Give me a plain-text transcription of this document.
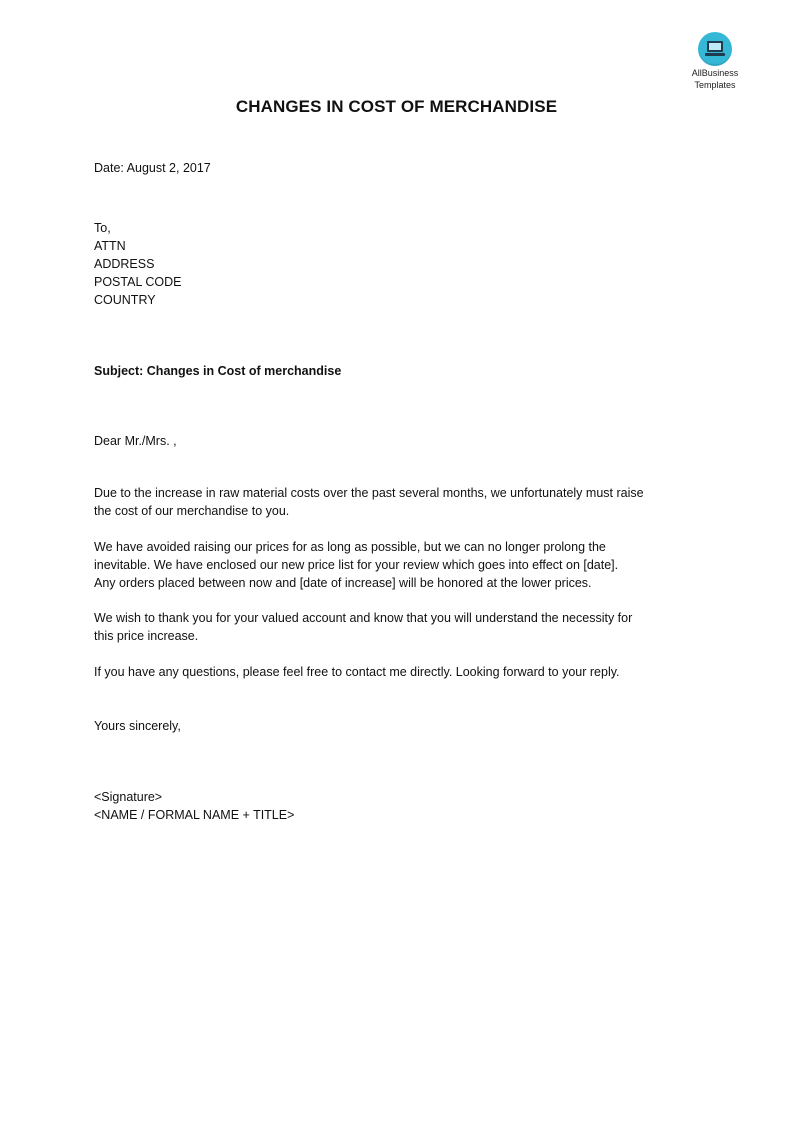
AllBusiness
Templates
CHANGES IN COST OF MERCHANDISE

Date: August 2, 2017

To,
ATTN
ADDRESS
POSTAL CODE
COUNTRY

Subject: Changes in Cost of merchandise

Dear Mr./Mrs. ,

Due to the increase in raw material costs over the past several months, we unfortunately must raise
the cost of our merchandise to you.
We have avoided raising our prices for as long as possible, but we can no longer prolong the
inevitable. We have enclosed our new price list for your review which goes into effect on [date].
Any orders placed between now and [date of increase] will be honored at the lower prices.
We wish to thank you for your valued account and know that you will understand the necessity for
this price increase.
If you have any questions, please feel free to contact me directly. Looking forward to your reply.

Yours sincerely,

<Signature>

<NAME / FORMAL NAME + TITLE>
